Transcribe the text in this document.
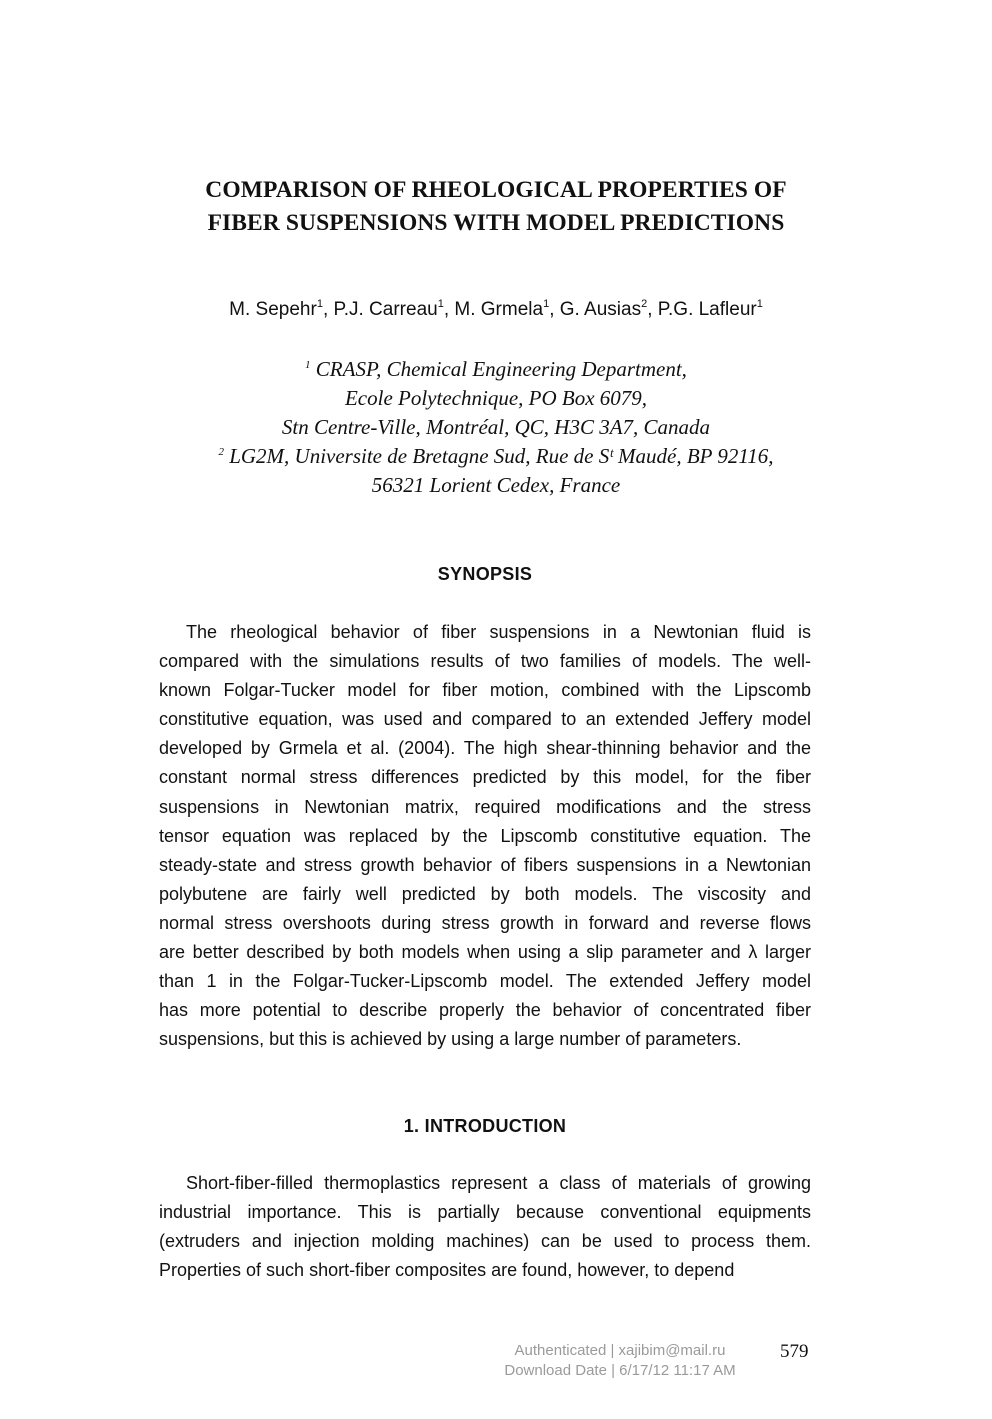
COMPARISON OF RHEOLOGICAL PROPERTIES OF
FIBER SUSPENSIONS WITH MODEL PREDICTIONS
M. Sepehr$^1$, P.J. Carreau$^1$, M. Grmela$^1$, G. Ausias$^2$, P.G. Lafleur$^1$
$^1$ CRASP, Chemical Engineering Department,
Ecole Polytechnique, PO Box 6079,
Stn Centre-Ville, Montréal, QC, H3C 3A7, Canada
$^2$ LG2M, Universite de Bretagne Sud, Rue de Sᵗ Maudé, BP 92116,
56321 Lorient Cedex, France
SYNOPSIS
  The rheological behavior of fiber suspensions in a Newtonian fluid is
compared with the simulations results of two families of models. The well-
known Folgar-Tucker model for fiber motion, combined with the Lipscomb
constitutive equation, was used and compared to an extended Jeffery model
developed by Grmela et al. (2004). The high shear-thinning behavior and the
constant normal stress differences predicted by this model, for the fiber
suspensions in Newtonian matrix, required modifications and the stress
tensor equation was replaced by the Lipscomb constitutive equation. The
steady-state and stress growth behavior of fibers suspensions in a Newtonian
polybutene are fairly well predicted by both models. The viscosity and
normal stress overshoots during stress growth in forward and reverse flows
are better described by both models when using a slip parameter and λ larger
than 1 in the Folgar-Tucker-Lipscomb model. The extended Jeffery model
has more potential to describe properly the behavior of concentrated fiber
suspensions, but this is achieved by using a large number of parameters.
1. INTRODUCTION
  Short-fiber-filled thermoplastics represent a class of materials of growing
industrial importance. This is partially because conventional equipments
(extruders and injection molding machines) can be used to process them.
Properties of such short-fiber composites are found, however, to depend
Authenticated | xajibim@mail.ru
Download Date | 6/17/12 11:17 AM
579
